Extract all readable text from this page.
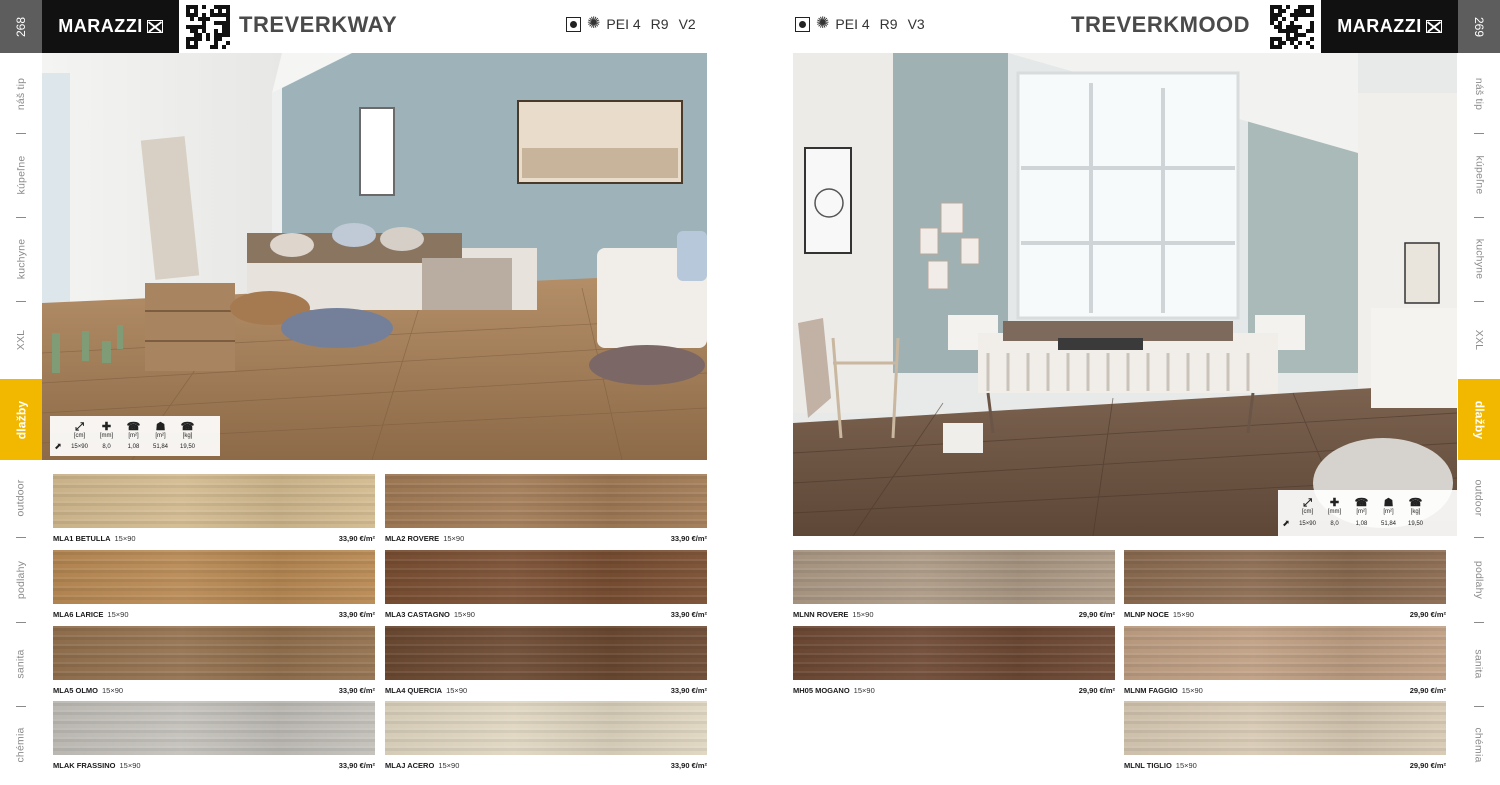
268
náš tip
kúpeľne
kuchyne
XXL
dlažby
outdoor
podlahy
sanita
chémia
269
náš tip
kúpeľne
kuchyne
XXL
dlažby
outdoor
podlahy
sanita
chémia
MARAZZI	TREVERKWAY	✺ PEI 4 R9 V2	✺ PEI 4 R9 V3	TREVERKMOOD	MARAZZI
⤢	✚	☎	☗	☎
[cm]	[mm]	[m²]	[m²]	[kg]
⬈	15×90	8,0	1,08	51,84	19,50
⤢	✚	☎	☗	☎
[cm]	[mm]	[m²]	[m²]	[kg]
⬈	15×90	8,0	1,08	51,84	19,50
MLA1 BETULLA 15×90	33,90 €/m² MLA2 ROVERE 15×90	33,90 €/m²
MLA6 LARICE 15×90	33,90 €/m² MLA3 CASTAGNO 15×90	33,90 €/m²
MLA5 OLMO 15×90	33,90 €/m² MLA4 QUERCIA 15×90	33,90 €/m²
MLAK FRASSINO 15×90	33,90 €/m² MLAJ ACERO 15×90	33,90 €/m²
MLNN ROVERE 15×90	29,90 €/m² MLNP NOCE 15×90	29,90 €/m²
MH05 MOGANO 15×90	29,90 €/m² MLNM FAGGIO 15×90	29,90 €/m²
MLNL TIGLIO 15×90	29,90 €/m²
